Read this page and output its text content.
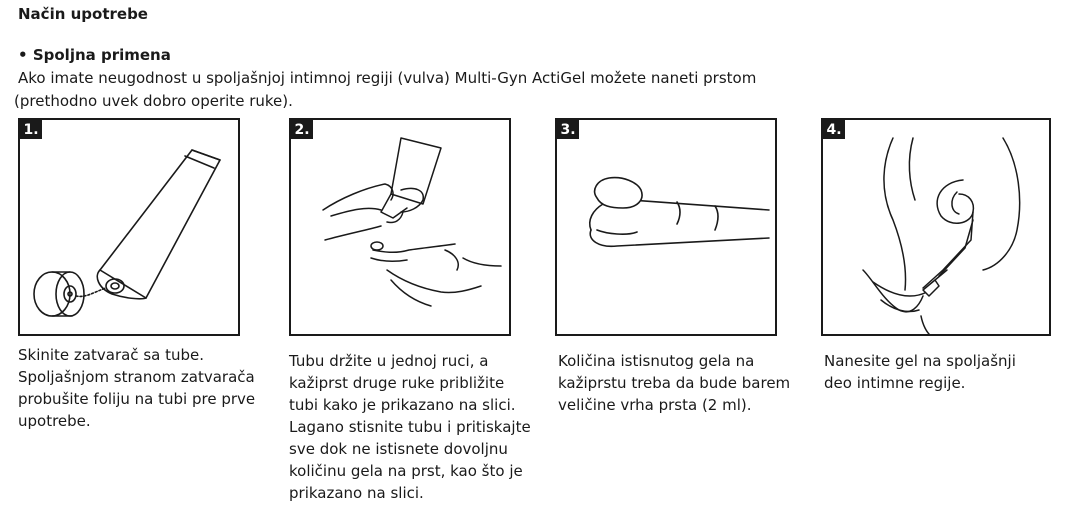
Način upotrebe
• Spoljna primena
Ako imate neugodnost u spoljašnjoj intimnoj regiji (vulva) Multi-Gyn ActiGel možete naneti prstom
(prethodno uvek dobro operite ruke).
1.	2.	3.	4.
Skinite zatvarač sa tube.
Spoljašnjom stranom zatvarača
probušite foliju na tubi pre prve
upotrebe.
Tubu držite u jednoj ruci, a
kažiprst druge ruke približite
tubi kako je prikazano na slici.
Lagano stisnite tubu i pritiskajte
sve dok ne istisnete dovoljnu
količinu gela na prst, kao što je
prikazano na slici.
Količina istisnutog gela na
kažiprstu treba da bude barem
veličine vrha prsta (2 ml).
Nanesite gel na spoljašnji
deo intimne regije.
